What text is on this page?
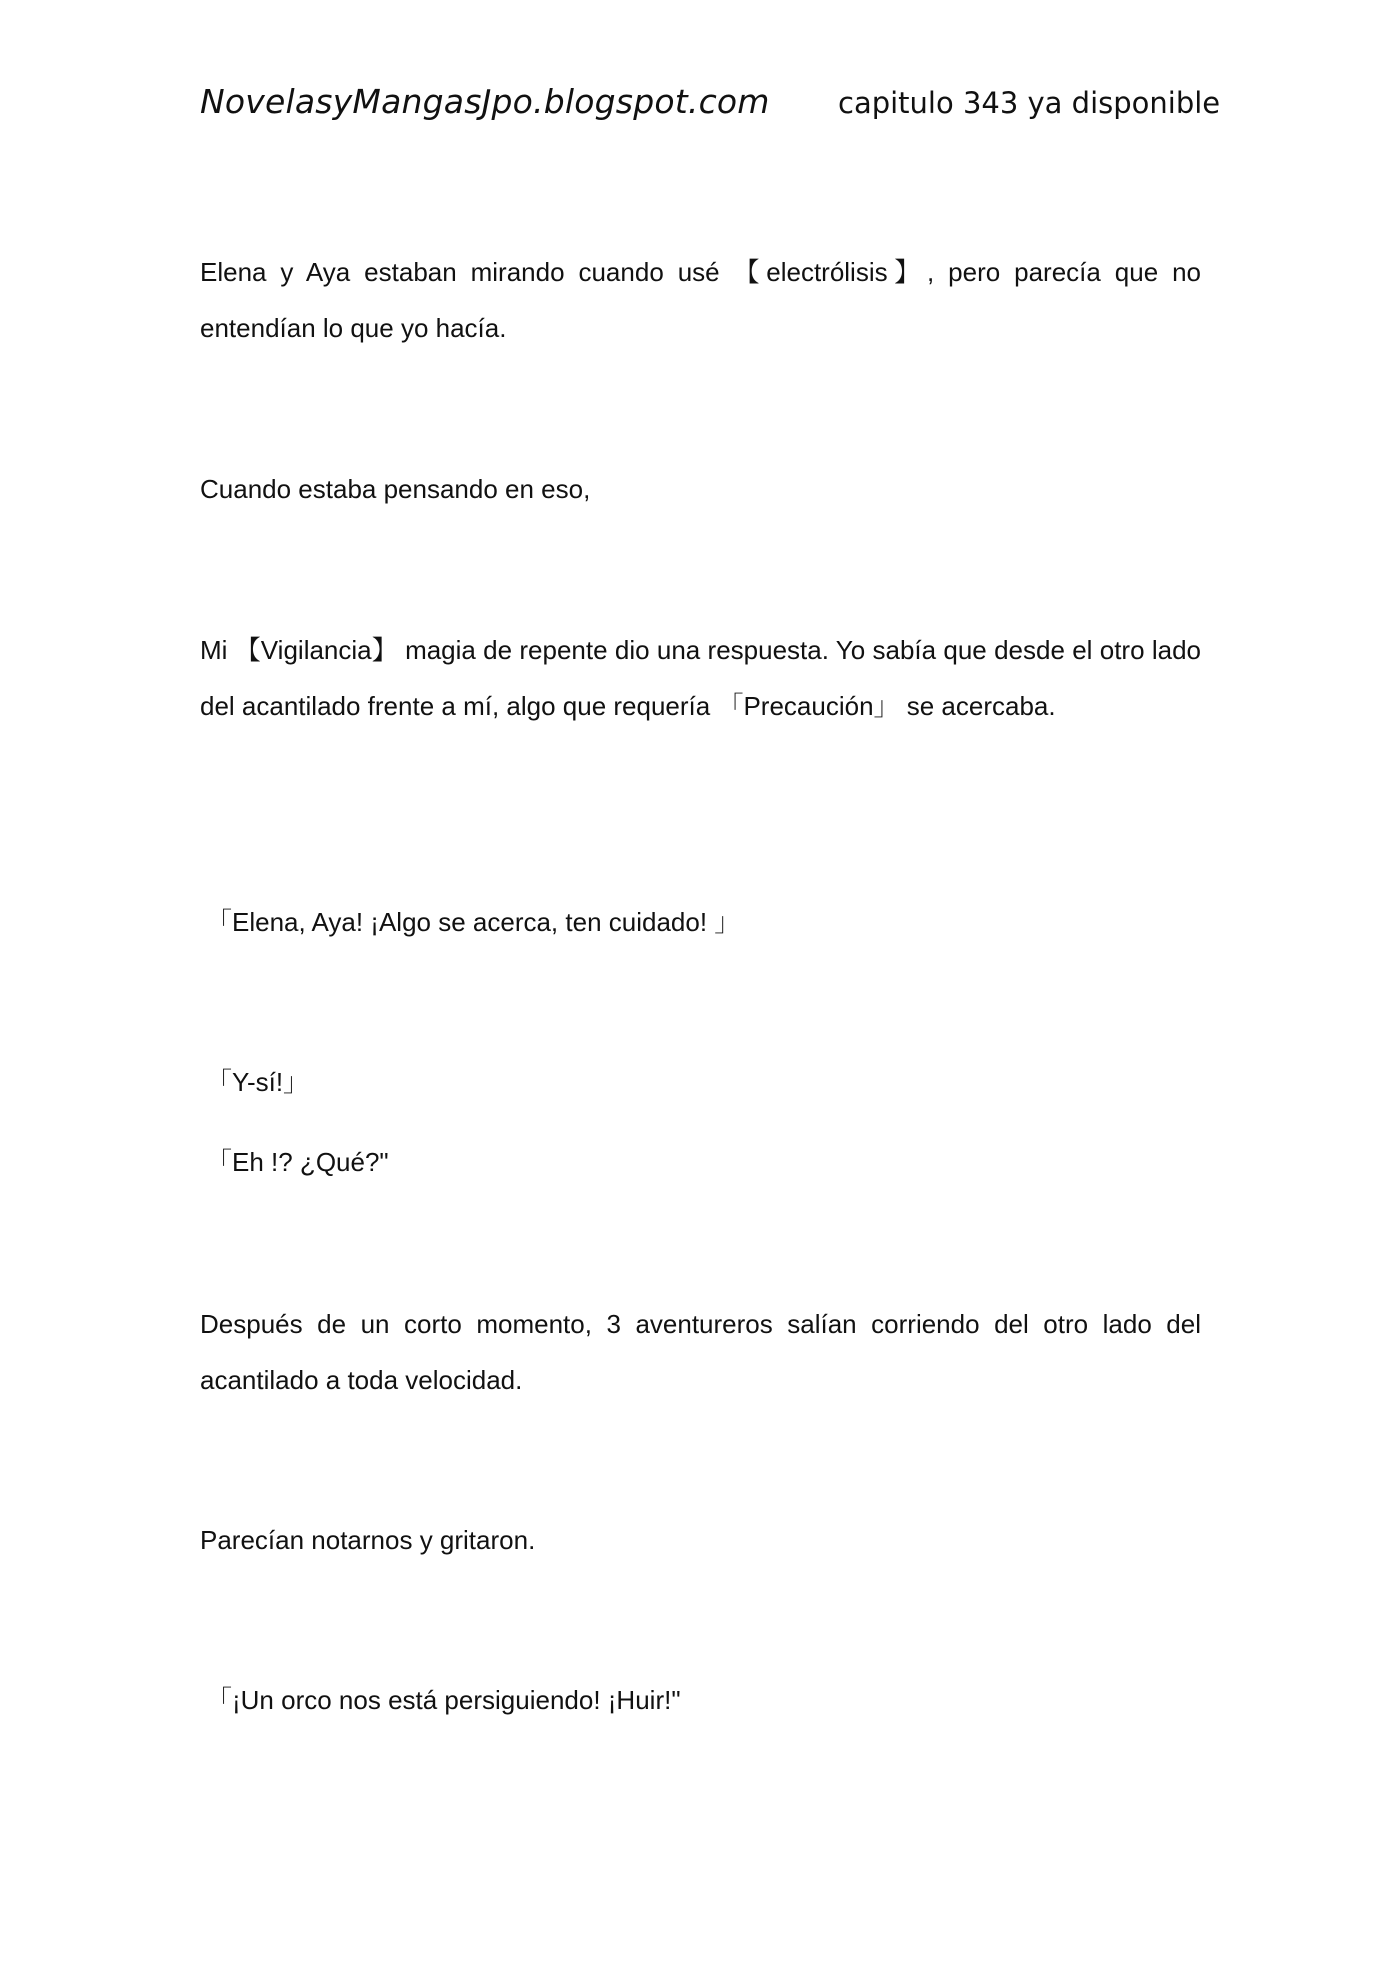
NovelasyMangasJpo.blogspot.com capitulo 343 ya disponible

Elena y Aya estaban mirando cuando usé 【electrólisis】, pero parecía que no entendían lo que yo hacía.

Cuando estaba pensando en eso,

Mi 【Vigilancia】 magia de repente dio una respuesta. Yo sabía que desde el otro lado del acantilado frente a mí, algo que requería 「Precaución」 se acercaba.

「Elena, Aya! ¡Algo se acerca, ten cuidado! 」

「Y-sí!」

「Eh !? ¿Qué?"

Después de un corto momento, 3 aventureros salían corriendo del otro lado del acantilado a toda velocidad.

Parecían notarnos y gritaron.

「¡Un orco nos está persiguiendo! ¡Huir!"
